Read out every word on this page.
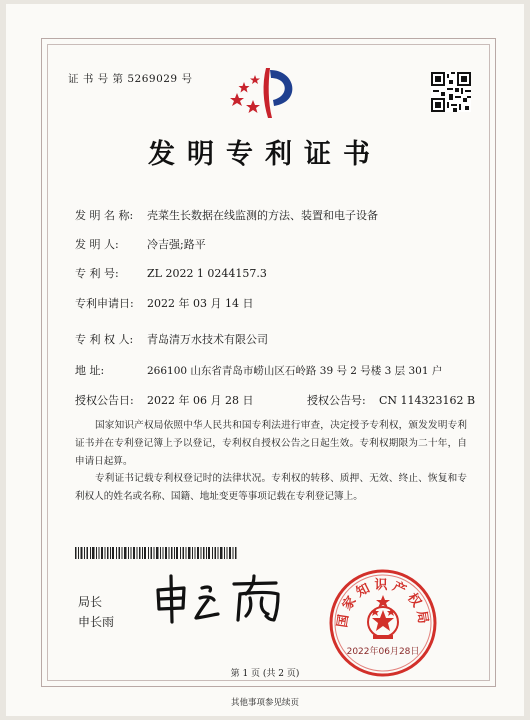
证 书 号 第 5269029 号
发明专利证书
发 明 名 称: 壳菜生长数据在线监测的方法、装置和电子设备
发 明 人:	冷吉强;路平
专 利 号:	ZL 2022 1 0244157.3
专利申请日: 2022 年 03 月 14 日
专 利 权 人: 青岛清万水技术有限公司
地 址:	266100 山东省青岛市崂山区石岭路 39 号 2 号楼 3 层 301 户
授权公告日: 2022 年 06 月 28 日	授权公告号: CN 114323162 B
国家知识产权局依照中华人民共和国专利法进行审查，决定授予专利权，颁发发明专利证书并在专利登记簿上予以登记，专利权自授权公告之日起生效。专利权期限为二十年，自申请日起算。
专利证书记载专利权登记时的法律状况。专利权的转移、质押、无效、终止、恢复和专利权人的姓名或名称、国籍、地址变更等事项记载在专利登记簿上。
局长
申长雨	国家知识产权局
2022年06月28日
第 1 页 (共 2 页)
其他事项参见续页
